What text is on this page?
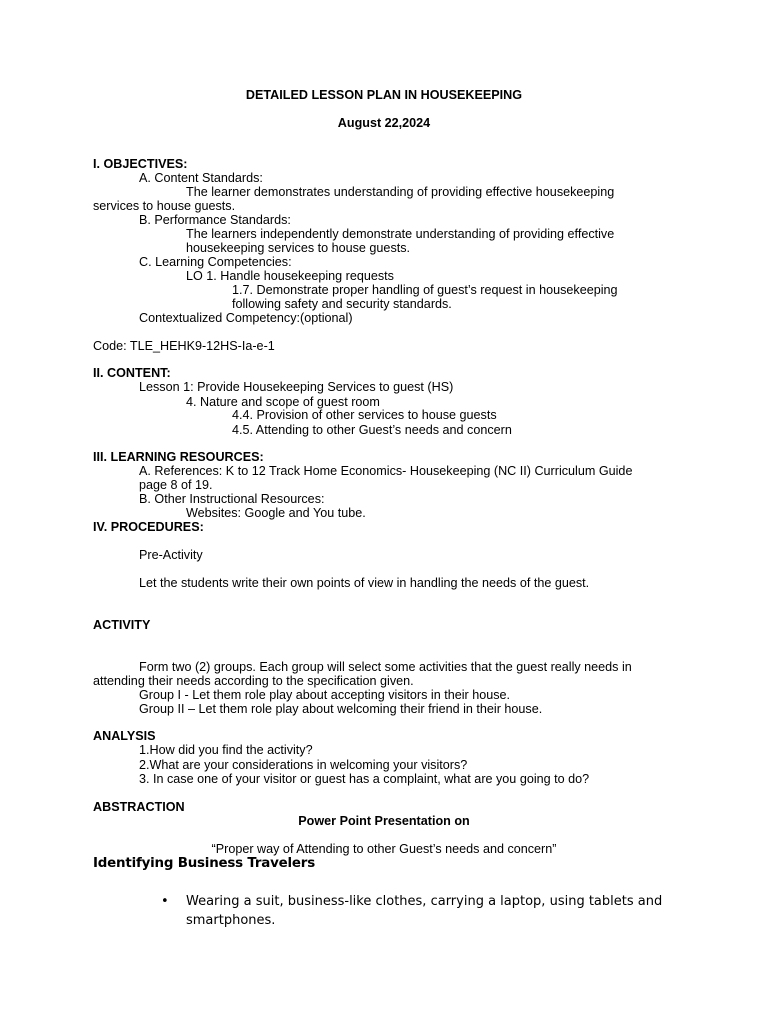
DETAILED LESSON PLAN IN HOUSEKEEPING
August 22,2024
I. OBJECTIVES:
A. Content Standards:
The learner demonstrates understanding of providing effective housekeeping
services to house guests.
B. Performance Standards:
The learners independently demonstrate understanding of providing effective
housekeeping services to house guests.
C. Learning Competencies:
LO 1. Handle housekeeping requests
1.7. Demonstrate proper handling of guest’s request in housekeeping
following safety and security standards.
Contextualized Competency:(optional)
Code: TLE_HEHK9-12HS-Ia-e-1
II. CONTENT:
Lesson 1: Provide Housekeeping Services to guest (HS)
4. Nature and scope of guest room
4.4. Provision of other services to house guests
4.5. Attending to other Guest’s needs and concern
III. LEARNING RESOURCES:
A. References: K to 12 Track Home Economics- Housekeeping (NC II) Curriculum Guide
page 8 of 19.
B. Other Instructional Resources:
Websites: Google and You tube.
IV. PROCEDURES:
Pre-Activity
Let the students write their own points of view in handling the needs of the guest.
ACTIVITY
Form two (2) groups. Each group will select some activities that the guest really needs in
attending their needs according to the specification given.
Group I - Let them role play about accepting visitors in their house.
Group II – Let them role play about welcoming their friend in their house.
ANALYSIS
1.How did you find the activity?
2.What are your considerations in welcoming your visitors?
3. In case one of your visitor or guest has a complaint, what are you going to do?
ABSTRACTION
Power Point Presentation on
“Proper way of Attending to other Guest’s needs and concern”
Identifying Business Travelers
• Wearing a suit, business-like clothes, carrying a laptop, using tablets and
smartphones.
